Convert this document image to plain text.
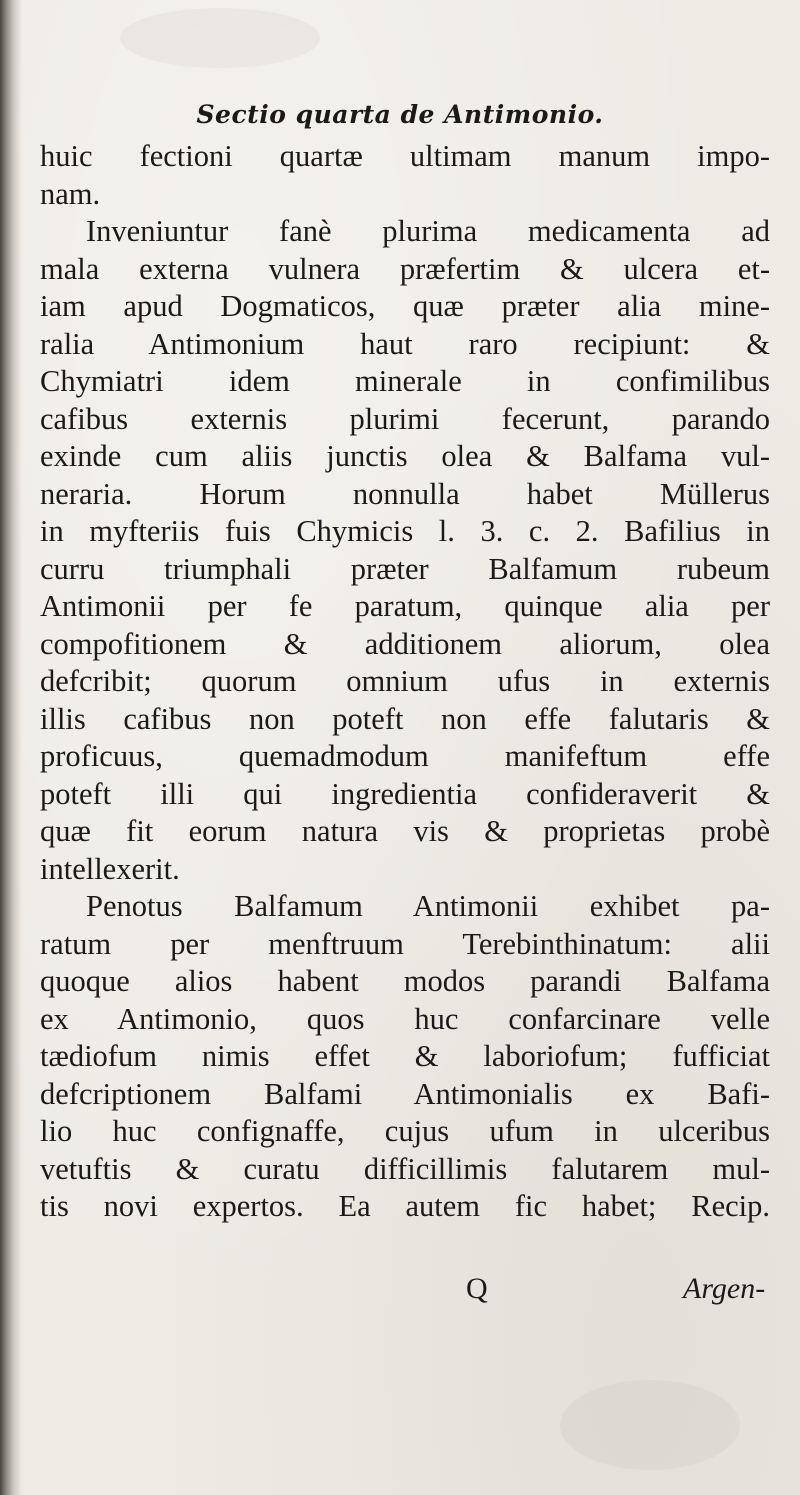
Sectio quarta de Antimonio.
huic fectioni quartæ ultimam manum impo-
nam.
Inveniuntur fanè plurima medicamenta ad
mala externa vulnera præfertim & ulcera et-
iam apud Dogmaticos, quæ præter alia mine-
ralia Antimonium haut raro recipiunt: &
Chymiatri idem minerale in confimilibus
cafibus externis plurimi fecerunt, parando
exinde cum aliis junctis olea & Balfama vul-
neraria. Horum nonnulla habet Müllerus
in myfteriis fuis Chymicis l. 3. c. 2. Bafilius in
curru triumphali præter Balfamum rubeum
Antimonii per fe paratum, quinque alia per
compofitionem & additionem aliorum, olea
defcribit; quorum omnium ufus in externis
illis cafibus non poteft non effe falutaris &
proficuus, quemadmodum manifeftum effe
poteft illi qui ingredientia confideraverit &
quæ fit eorum natura vis & proprietas probè
intellexerit.
Penotus Balfamum Antimonii exhibet pa-
ratum per menftruum Terebinthinatum: alii
quoque alios habent modos parandi Balfama
ex Antimonio, quos huc confarcinare velle
tædiofum nimis effet & laboriofum; fufficiat
defcriptionem Balfami Antimonialis ex Bafi-
lio huc confignaffe, cujus ufum in ulceribus
vetuftis & curatu difficillimis falutarem mul-
tis novi expertos. Ea autem fic habet; Recip.
Q	Argen-
